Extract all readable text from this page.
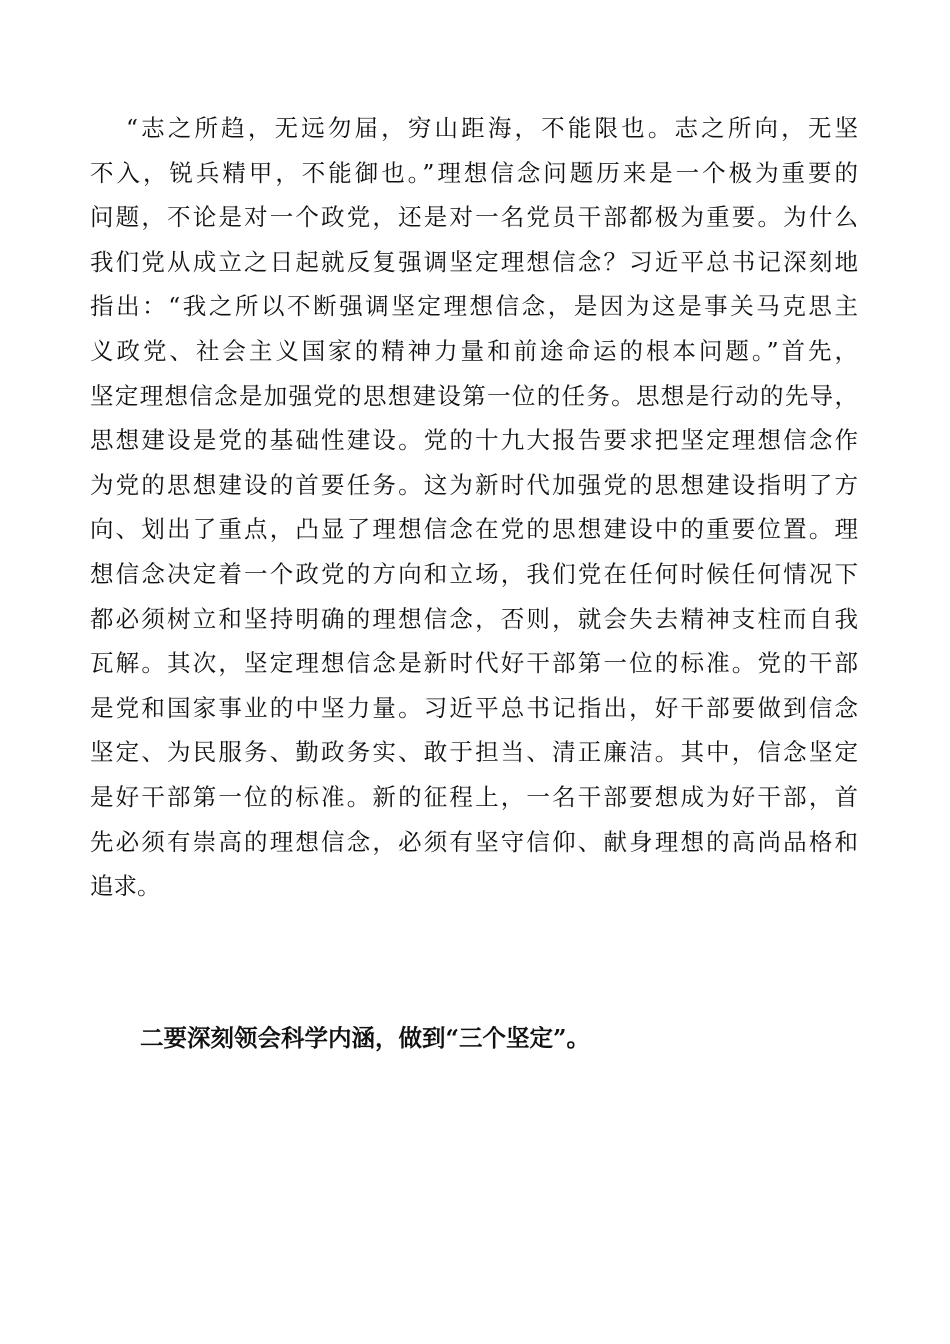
“志之所趋，无远勿届，穷山距海，不能限也。志之所向，无坚
不入，锐兵精甲，不能御也。”理想信念问题历来是一个极为重要的
问题，不论是对一个政党，还是对一名党员干部都极为重要。为什么
我们党从成立之日起就反复强调坚定理想信念？习近平总书记深刻地
指出：“我之所以不断强调坚定理想信念，是因为这是事关马克思主
义政党、社会主义国家的精神力量和前途命运的根本问题。”首先，
坚定理想信念是加强党的思想建设第一位的任务。思想是行动的先导，
思想建设是党的基础性建设。党的十九大报告要求把坚定理想信念作
为党的思想建设的首要任务。这为新时代加强党的思想建设指明了方
向、划出了重点，凸显了理想信念在党的思想建设中的重要位置。理
想信念决定着一个政党的方向和立场，我们党在任何时候任何情况下
都必须树立和坚持明确的理想信念，否则，就会失去精神支柱而自我
瓦解。其次，坚定理想信念是新时代好干部第一位的标准。党的干部
是党和国家事业的中坚力量。习近平总书记指出，好干部要做到信念
坚定、为民服务、勤政务实、敢于担当、清正廉洁。其中，信念坚定
是好干部第一位的标准。新的征程上，一名干部要想成为好干部，首
先必须有崇高的理想信念，必须有坚守信仰、献身理想的高尚品格和
追求。
二要深刻领会科学内涵，做到“三个坚定”。
